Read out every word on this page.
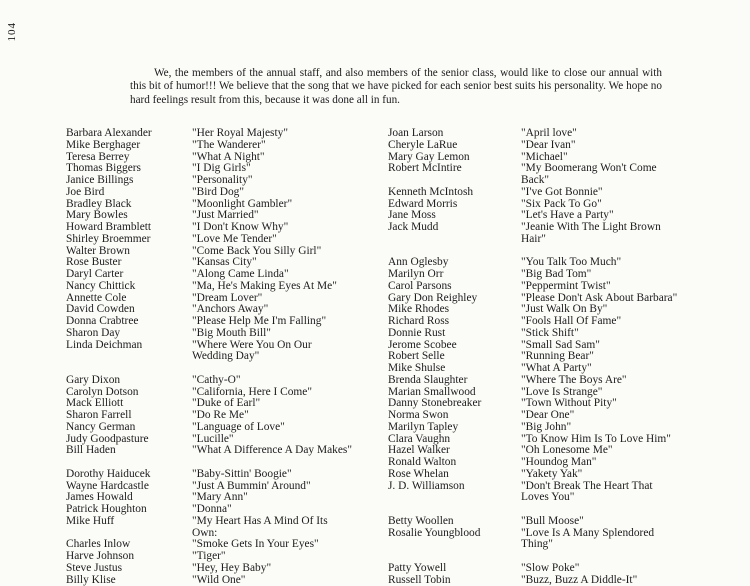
104

We, the members of the annual staff, and also members of the senior class, would like to close our annual with this bit of humor!!! We believe that the song that we have picked for each senior best suits his personality. We hope no hard feelings result from this, because it was done all in fun.

Barbara Alexander	"Her Royal Majesty"
Mike Berghager	"The Wanderer"
Teresa Berrey	"What A Night"
Thomas Biggers	"I Dig Girls"
Janice Billings	"Personality"
Joe Bird	"Bird Dog"
Bradley Black	"Moonlight Gambler"
Mary Bowles	"Just Married"
Howard Bramblett	"I Don't Know Why"
Shirley Broemmer	"Love Me Tender"
Walter Brown	"Come Back You Silly Girl"
Rose Buster	"Kansas City"
Daryl Carter	"Along Came Linda"
Nancy Chittick	"Ma, He's Making Eyes At Me"
Annette Cole	"Dream Lover"
David Cowden	"Anchors Away"
Donna Crabtree	"Please Help Me I'm Falling"
Sharon Day	"Big Mouth Bill"
Linda Deichman	"Where Were You On Our Wedding Day"
Gary Dixon	"Cathy-O"
Carolyn Dotson	"California, Here I Come"
Mack Elliott	"Duke of Earl"
Sharon Farrell	"Do Re Me"
Nancy German	"Language of Love"
Judy Goodpasture	"Lucille"
Bill Haden	"What A Difference A Day Makes"
Dorothy Haiducek	"Baby-Sittin' Boogie"
Wayne Hardcastle	"Just A Bummin' Around"
James Howald	"Mary Ann"
Patrick Houghton	"Donna"
Mike Huff	"My Heart Has A Mind Of Its Own:
Charles Inlow	"Smoke Gets In Your Eyes"
Harve Johnson	"Tiger"
Steve Justus	"Hey, Hey Baby"
Billy Klise	"Wild One"
Joan Larson	"April love"
Cheryle LaRue	"Dear Ivan"
Mary Gay Lemon	"Michael"
Robert McIntire	"My Boomerang Won't Come Back"
Kenneth McIntosh	"I've Got Bonnie"
Edward Morris	"Six Pack To Go"
Jane Moss	"Let's Have a Party"
Jack Mudd	"Jeanie With The Light Brown Hair"
Ann Oglesby	"You Talk Too Much"
Marilyn Orr	"Big Bad Tom"
Carol Parsons	"Peppermint Twist"
Gary Don Reighley	"Please Don't Ask About Barbara"
Mike Rhodes	"Just Walk On By"
Richard Ross	"Fools Hall Of Fame"
Donnie Rust	"Stick Shift"
Jerome Scobee	"Small Sad Sam"
Robert Selle	"Running Bear"
Mike Shulse	"What A Party"
Brenda Slaughter	"Where The Boys Are"
Marian Smallwood	"Love Is Strange"
Danny Stonebreaker	"Town Without Pity"
Norma Swon	"Dear One"
Marilyn Tapley	"Big John"
Clara Vaughn	"To Know Him Is To Love Him"
Hazel Walker	"Oh Lonesome Me"
Ronald Walton	"Houndog Man"
Rose Whelan	"Yakety Yak"
J. D. Williamson	"Don't Break The Heart That Loves You"
Betty Woollen	"Bull Moose"
Rosalie Youngblood	"Love Is A Many Splendored Thing"
Patty Yowell	"Slow Poke"
Russell Tobin	"Buzz, Buzz A Diddle-It"
